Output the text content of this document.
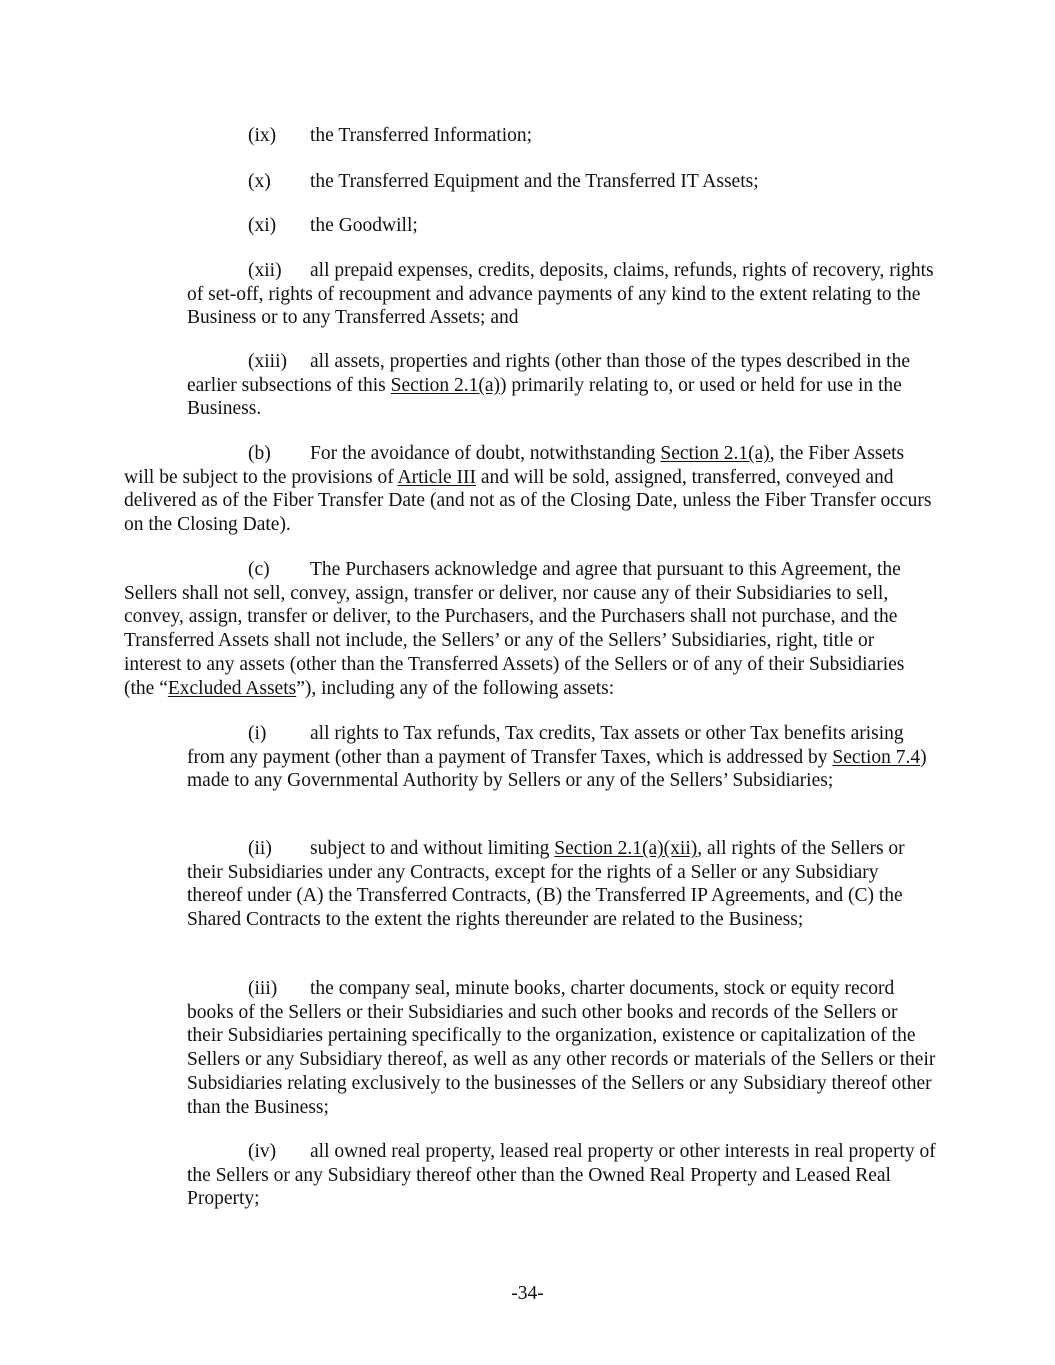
(ix) the Transferred Information;

(x) the Transferred Equipment and the Transferred IT Assets;

(xi) the Goodwill;

(xii) all prepaid expenses, credits, deposits, claims, refunds, rights of recovery, rights of set-off, rights of recoupment and advance payments of any kind to the extent relating to the Business or to any Transferred Assets; and

(xiii) all assets, properties and rights (other than those of the types described in the earlier subsections of this Section 2.1(a)) primarily relating to, or used or held for use in the Business.

(b) For the avoidance of doubt, notwithstanding Section 2.1(a), the Fiber Assets will be subject to the provisions of Article III and will be sold, assigned, transferred, conveyed and delivered as of the Fiber Transfer Date (and not as of the Closing Date, unless the Fiber Transfer occurs on the Closing Date).

(c) The Purchasers acknowledge and agree that pursuant to this Agreement, the Sellers shall not sell, convey, assign, transfer or deliver, nor cause any of their Subsidiaries to sell, convey, assign, transfer or deliver, to the Purchasers, and the Purchasers shall not purchase, and the Transferred Assets shall not include, the Sellers’ or any of the Sellers’ Subsidiaries, right, title or interest to any assets (other than the Transferred Assets) of the Sellers or of any of their Subsidiaries (the “Excluded Assets”), including any of the following assets:

(i) all rights to Tax refunds, Tax credits, Tax assets or other Tax benefits arising from any payment (other than a payment of Transfer Taxes, which is addressed by Section 7.4) made to any Governmental Authority by Sellers or any of the Sellers’ Subsidiaries;

(ii) subject to and without limiting Section 2.1(a)(xii), all rights of the Sellers or their Subsidiaries under any Contracts, except for the rights of a Seller or any Subsidiary thereof under (A) the Transferred Contracts, (B) the Transferred IP Agreements, and (C) the Shared Contracts to the extent the rights thereunder are related to the Business;

(iii) the company seal, minute books, charter documents, stock or equity record books of the Sellers or their Subsidiaries and such other books and records of the Sellers or their Subsidiaries pertaining specifically to the organization, existence or capitalization of the Sellers or any Subsidiary thereof, as well as any other records or materials of the Sellers or their Subsidiaries relating exclusively to the businesses of the Sellers or any Subsidiary thereof other than the Business;

(iv) all owned real property, leased real property or other interests in real property of the Sellers or any Subsidiary thereof other than the Owned Real Property and Leased Real Property;

-34-
